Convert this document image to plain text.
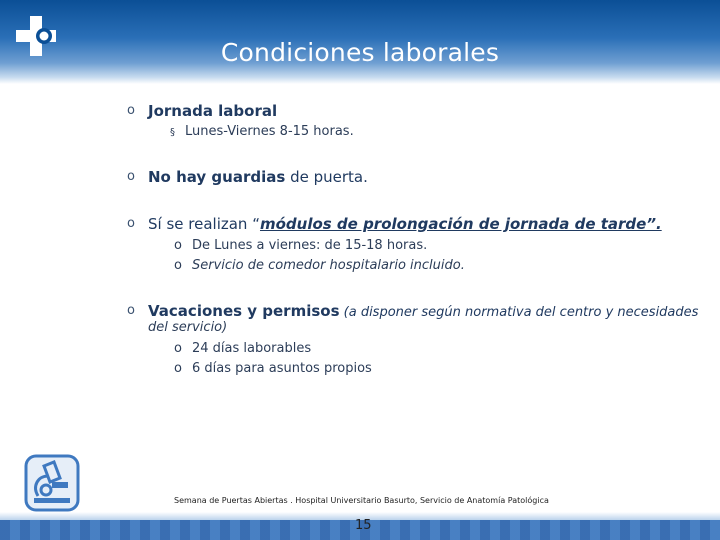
Condiciones laborales
o Jornada laboral
§ Lunes-Viernes 8-15 horas.
o No hay guardias de puerta.
o Sí se realizan “módulos de prolongación de jornada de tarde”.
o De Lunes a viernes: de 15-18 horas.
o Servicio de comedor hospitalario incluido.
o Vacaciones y permisos (a disponer según normativa del centro y necesidades
del servicio)
o 24 días laborables
o 6 días para asuntos propios
Semana de Puertas Abiertas . Hospital Universitario Basurto, Servicio de Anatomía Patológica
15
